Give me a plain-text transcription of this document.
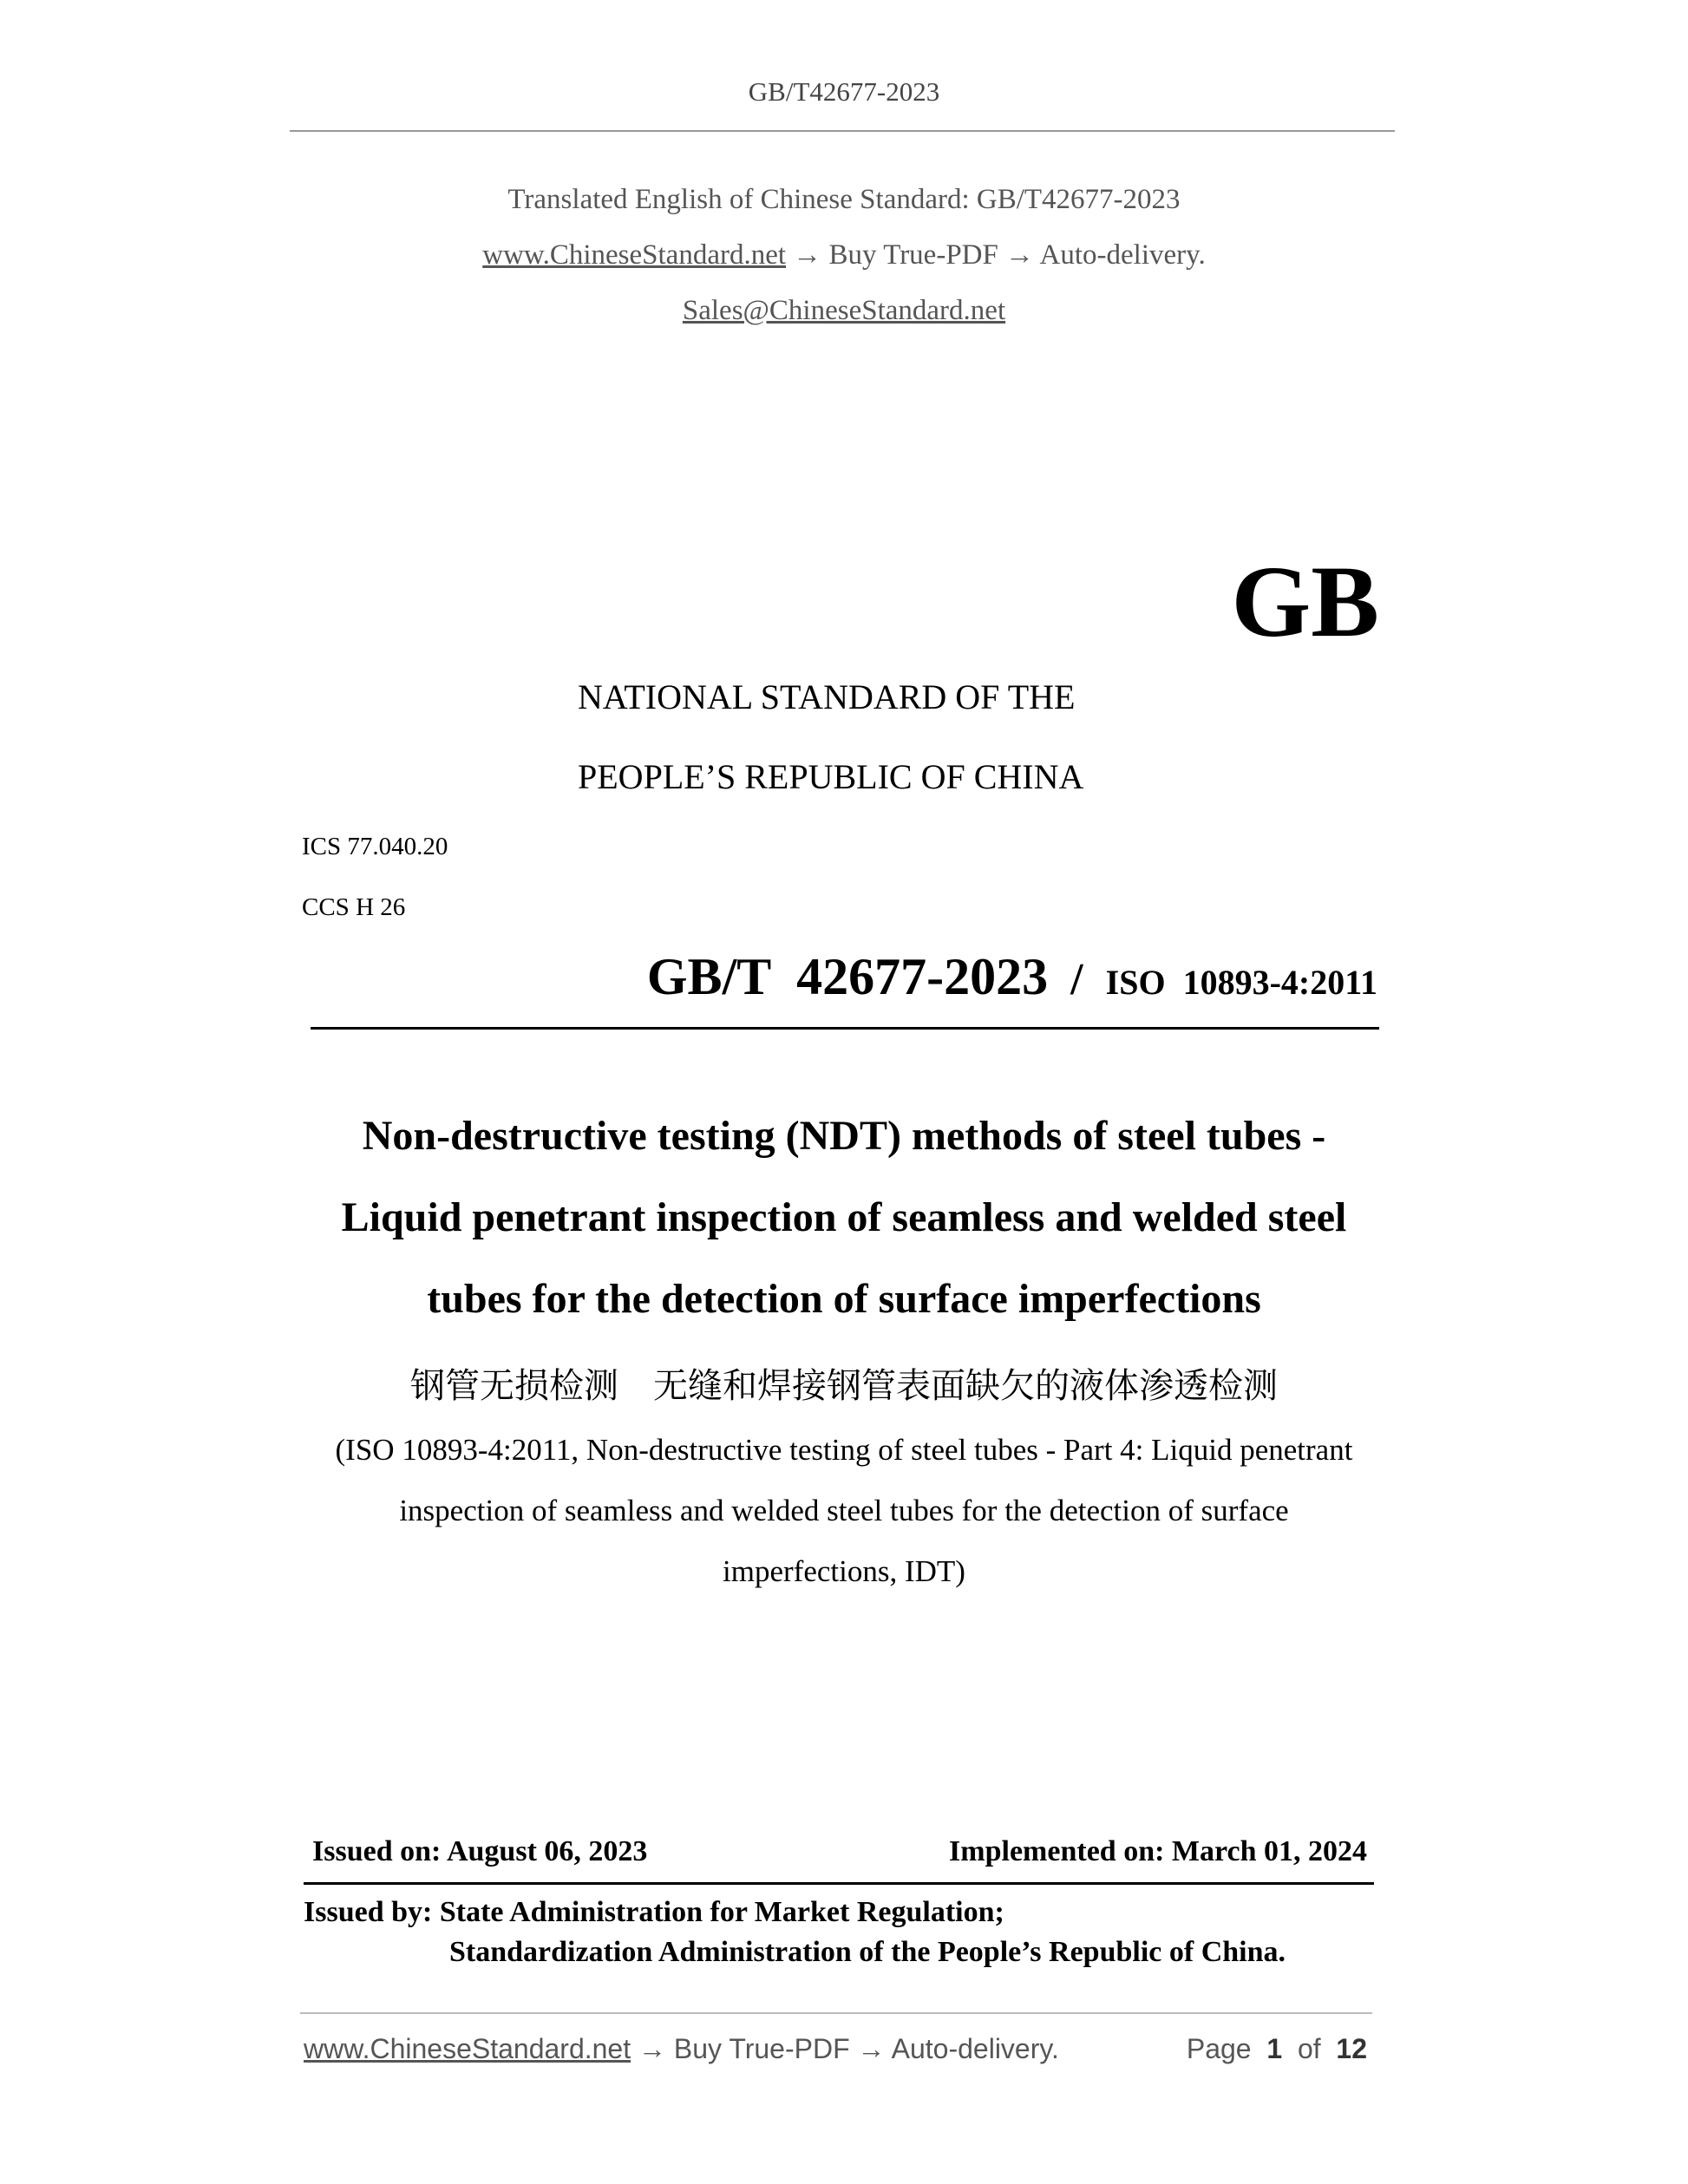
GB/T42677-2023
Translated English of Chinese Standard: GB/T42677-2023
www.ChineseStandard.net → Buy True-PDF → Auto-delivery.
Sales@ChineseStandard.net
GB
NATIONAL STANDARD OF THE
PEOPLE’S REPUBLIC OF CHINA
ICS 77.040.20
CCS H 26
GB/T  42677-2023 / ISO 10893-4:2011
Non-destructive testing (NDT) methods of steel tubes -
Liquid penetrant inspection of seamless and welded steel
tubes for the detection of surface imperfections
钢管无损检测　无缝和焊接钢管表面缺欠的液体渗透检测
(ISO 10893-4:2011, Non-destructive testing of steel tubes - Part 4: Liquid penetrant
inspection of seamless and welded steel tubes for the detection of surface
imperfections, IDT)
Issued on: August 06, 2023	Implemented on: March 01, 2024
Issued by: State Administration for Market Regulation;
Standardization Administration of the People’s Republic of China.
www.ChineseStandard.net → Buy True-PDF → Auto-delivery.	Page 1 of 12
